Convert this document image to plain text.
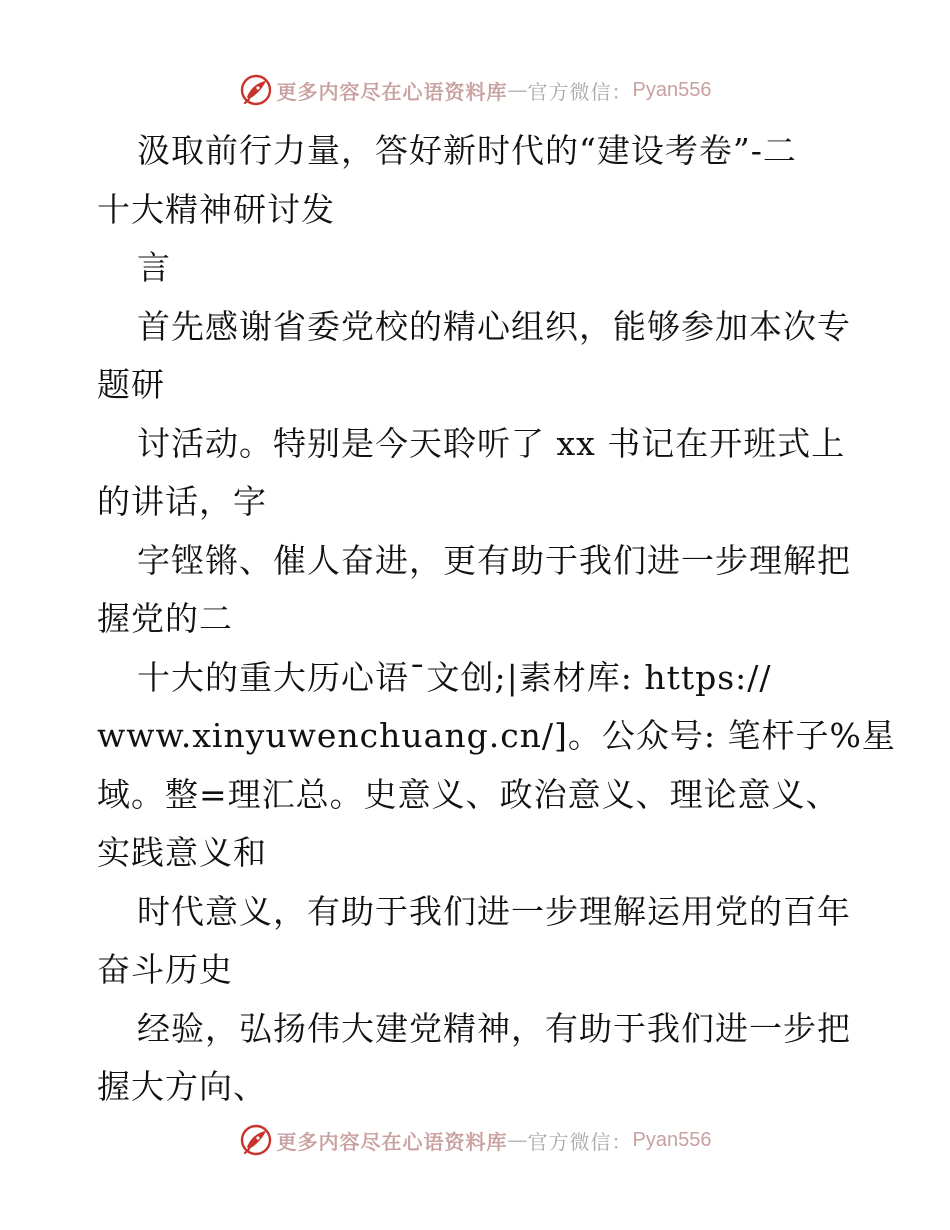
更多内容尽在心语资料库 — 官方微信： Pyan556
汲取前行力量，答好新时代的“建设考卷”-二
十大精神研讨发
言
首先感谢省委党校的精心组织，能够参加本次专
题研
讨活动。特别是今天聆听了 xx 书记在开班式上
的讲话，字
字铿锵、催人奋进，更有助于我们进一步理解把
握党的二
十大的重大历心语¯文创;|素材库: https://
www.xinyuwenchuang.cn/]。公众号: 笔杆子%星
域。整=理汇总。史意义、政治意义、理论意义、
实践意义和
时代意义，有助于我们进一步理解运用党的百年
奋斗历史
经验，弘扬伟大建党精神，有助于我们进一步把
握大方向、
更多内容尽在心语资料库 — 官方微信： Pyan556
